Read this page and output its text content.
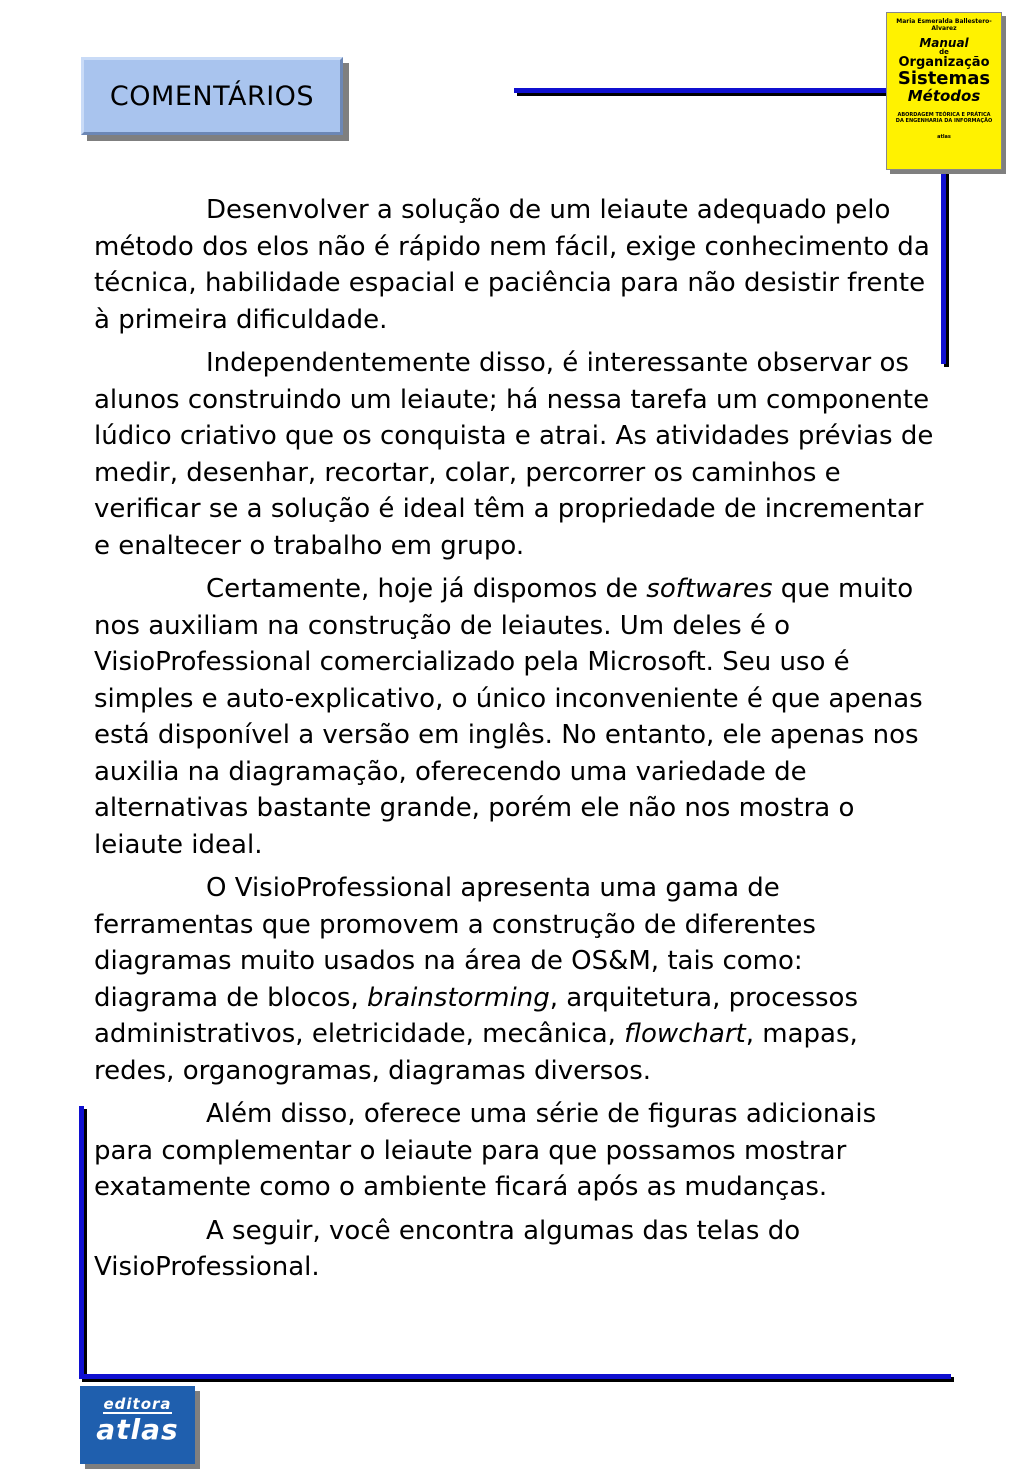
COMENTÁRIOS
Maria Esmeralda Ballestero-Alvarez
Manual
de
Organização
Sistemas
Métodos
ABORDAGEM TEÓRICA E PRÁTICA DA ENGENHARIA DA INFORMAÇÃO
atlas

Desenvolver a solução de um leiaute adequado pelo método dos elos não é rápido nem fácil, exige conhecimento da técnica, habilidade espacial e paciência para não desistir frente à primeira dificuldade.

Independentemente disso, é interessante observar os alunos construindo um leiaute; há nessa tarefa um componente lúdico criativo que os conquista e atrai. As atividades prévias de medir, desenhar, recortar, colar, percorrer os caminhos e verificar se a solução é ideal têm a propriedade de incrementar e enaltecer o trabalho em grupo.

Certamente, hoje já dispomos de softwares que muito nos auxiliam na construção de leiautes. Um deles é o VisioProfessional comercializado pela Microsoft. Seu uso é simples e auto-explicativo, o único inconveniente é que apenas está disponível a versão em inglês. No entanto, ele apenas nos auxilia na diagramação, oferecendo uma variedade de alternativas bastante grande, porém ele não nos mostra o leiaute ideal.

O VisioProfessional apresenta uma gama de ferramentas que promovem a construção de diferentes diagramas muito usados na área de OS&M, tais como: diagrama de blocos, brainstorming, arquitetura, processos administrativos, eletricidade, mecânica, flowchart, mapas, redes, organogramas, diagramas diversos.

Além disso, oferece uma série de figuras adicionais para complementar o leiaute para que possamos mostrar exatamente como o ambiente ficará após as mudanças.

A seguir, você encontra algumas das telas do VisioProfessional.

editora
atlas
